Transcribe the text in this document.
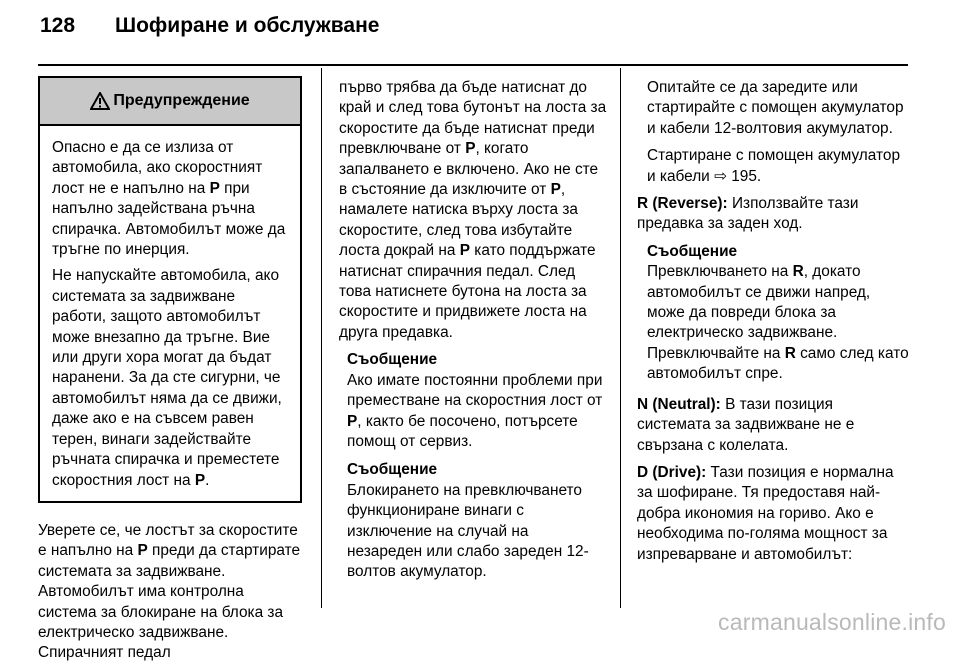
128 Шофиране и обслужване
Предупреждение

Опасно е да се излиза от автомобила, ако скоростният лост не е напълно на P при напълно задействана ръчна спирачка. Автомобилът може да тръгне по инерция.

Не напускайте автомобила, ако системата за задвижване работи, защото автомобилът може внезапно да тръгне. Вие или други хора могат да бъдат наранени. За да сте сигурни, че автомобилът няма да се движи, даже ако е на съвсем равен терен, винаги задействайте ръчната спирачка и преместете скоростния лост на P.

Уверете се, че лостът за скоростите е напълно на P преди да стартирате системата за задвижване. Автомобилът има контролна система за блокиране на блока за електрическо задвижване. Спирачният педал

първо трябва да бъде натиснат до край и след това бутонът на лоста за скоростите да бъде натиснат преди превключване от P, когато запалването е включено. Ако не сте в състояние да изключите от P, намалете натиска върху лоста за скоростите, след това избутайте лоста докрай на P като поддържате натиснат спирачния педал. След това натиснете бутона на лоста за скоростите и придвижете лоста на друга предавка.

Съобщение
Ако имате постоянни проблеми при преместване на скоростния лост от P, както бе посочено, потърсете помощ от сервиз.
Съобщение
Блокирането на превключването функциониране винаги с изключение на случай на незареден или слабо зареден 12-волтов акумулатор.

Опитайте се да заредите или стартирайте с помощен акумулатор и кабели 12-волтовия акумулатор.

Стартиране с помощен акумулатор и кабели ⇨ 195.

R (Reverse): Използвайте тази предавка за заден ход.

Съобщение
Превключването на R, докато автомобилът се движи напред, може да повреди блока за електрическо задвижване. Превключвайте на R само след като автомобилът спре.

N (Neutral): В тази позиция системата за задвижване не е свързана с колелата.

D (Drive): Тази позиция е нормална за шофиране. Тя предоставя най-добра икономия на гориво. Ако е необходима по-голяма мощност за изпреварване и автомобилът:

carmanualsonline.info
